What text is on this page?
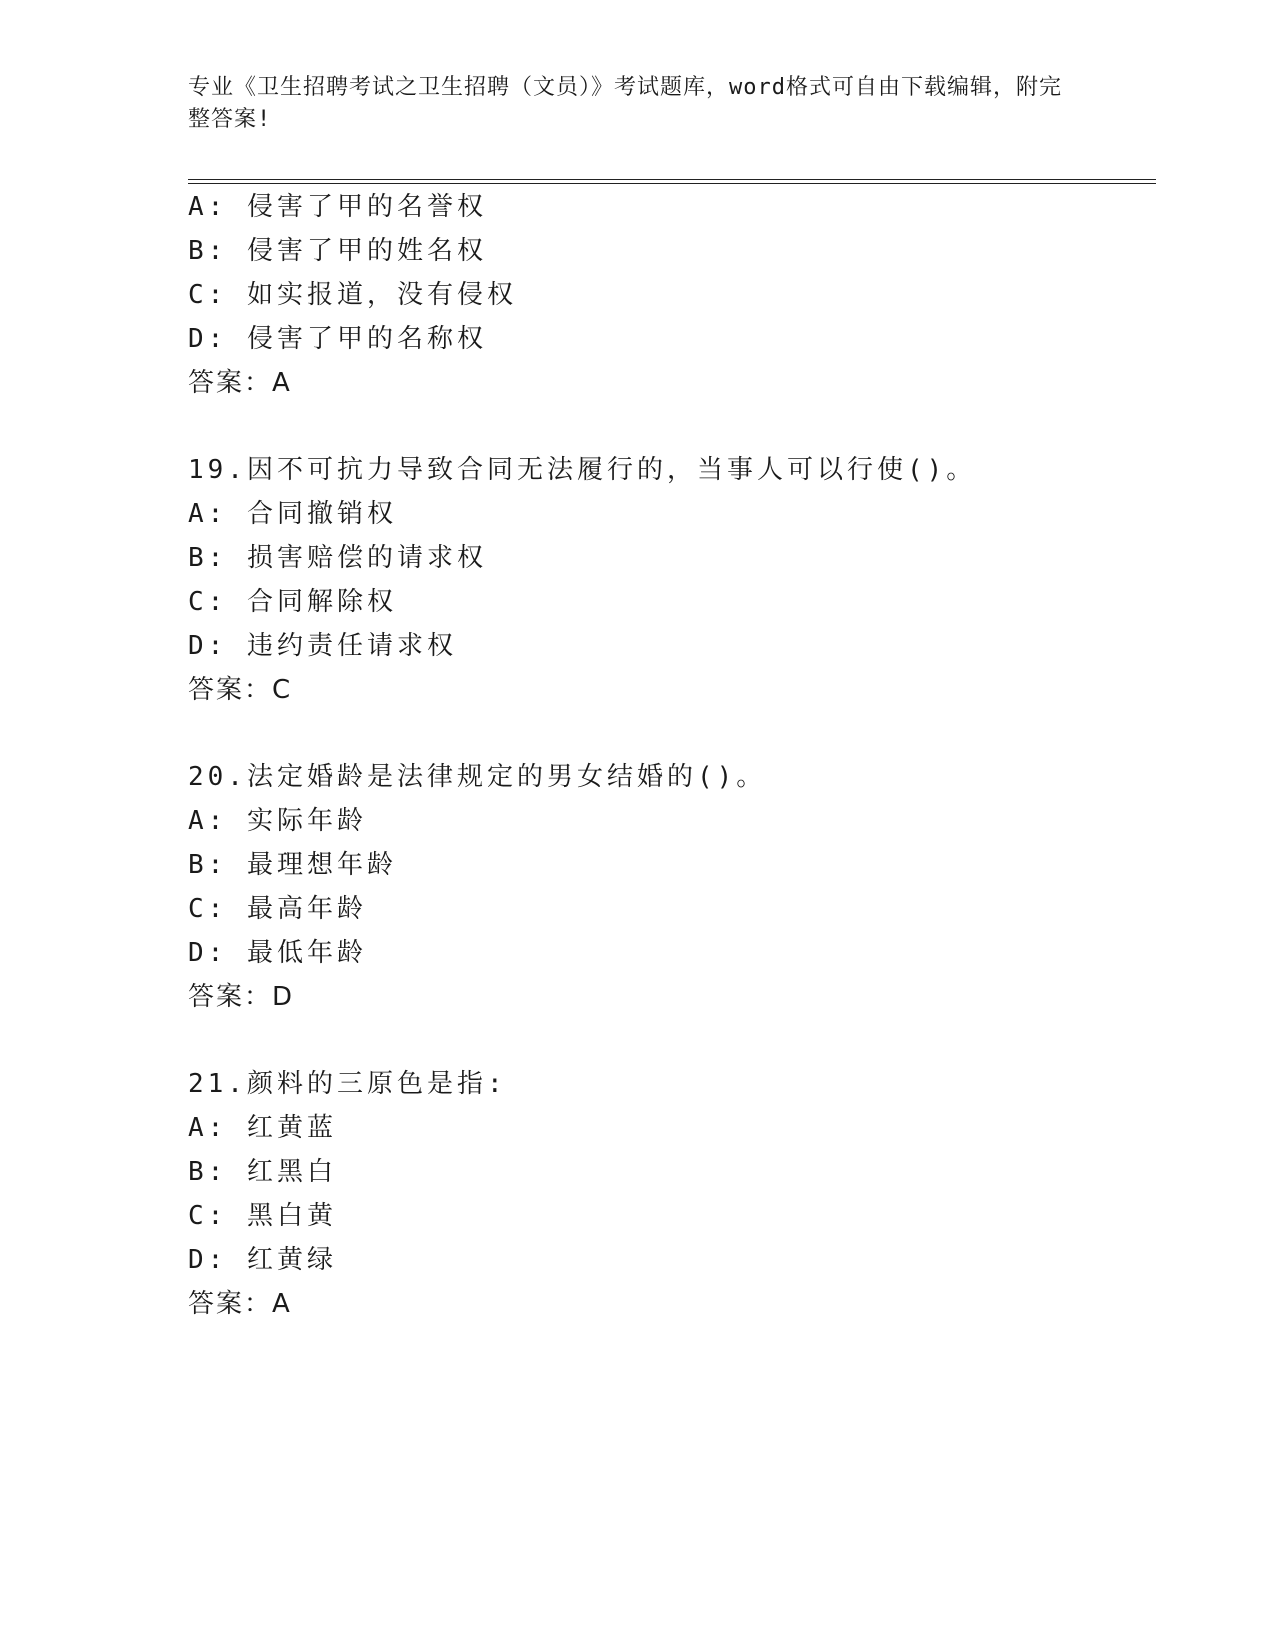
专业《卫生招聘考试之卫生招聘（文员）》考试题库，word格式可自由下载编辑，附完整答案!
A: 侵害了甲的名誉权
B: 侵害了甲的姓名权
C: 如实报道，没有侵权
D: 侵害了甲的名称权
答案：A
19.因不可抗力导致合同无法履行的，当事人可以行使()。
A: 合同撤销权
B: 损害赔偿的请求权
C: 合同解除权
D: 违约责任请求权
答案：C
20.法定婚龄是法律规定的男女结婚的()。
A: 实际年龄
B: 最理想年龄
C: 最高年龄
D: 最低年龄
答案：D
21.颜料的三原色是指:
A: 红黄蓝
B: 红黑白
C: 黑白黄
D: 红黄绿
答案：A
